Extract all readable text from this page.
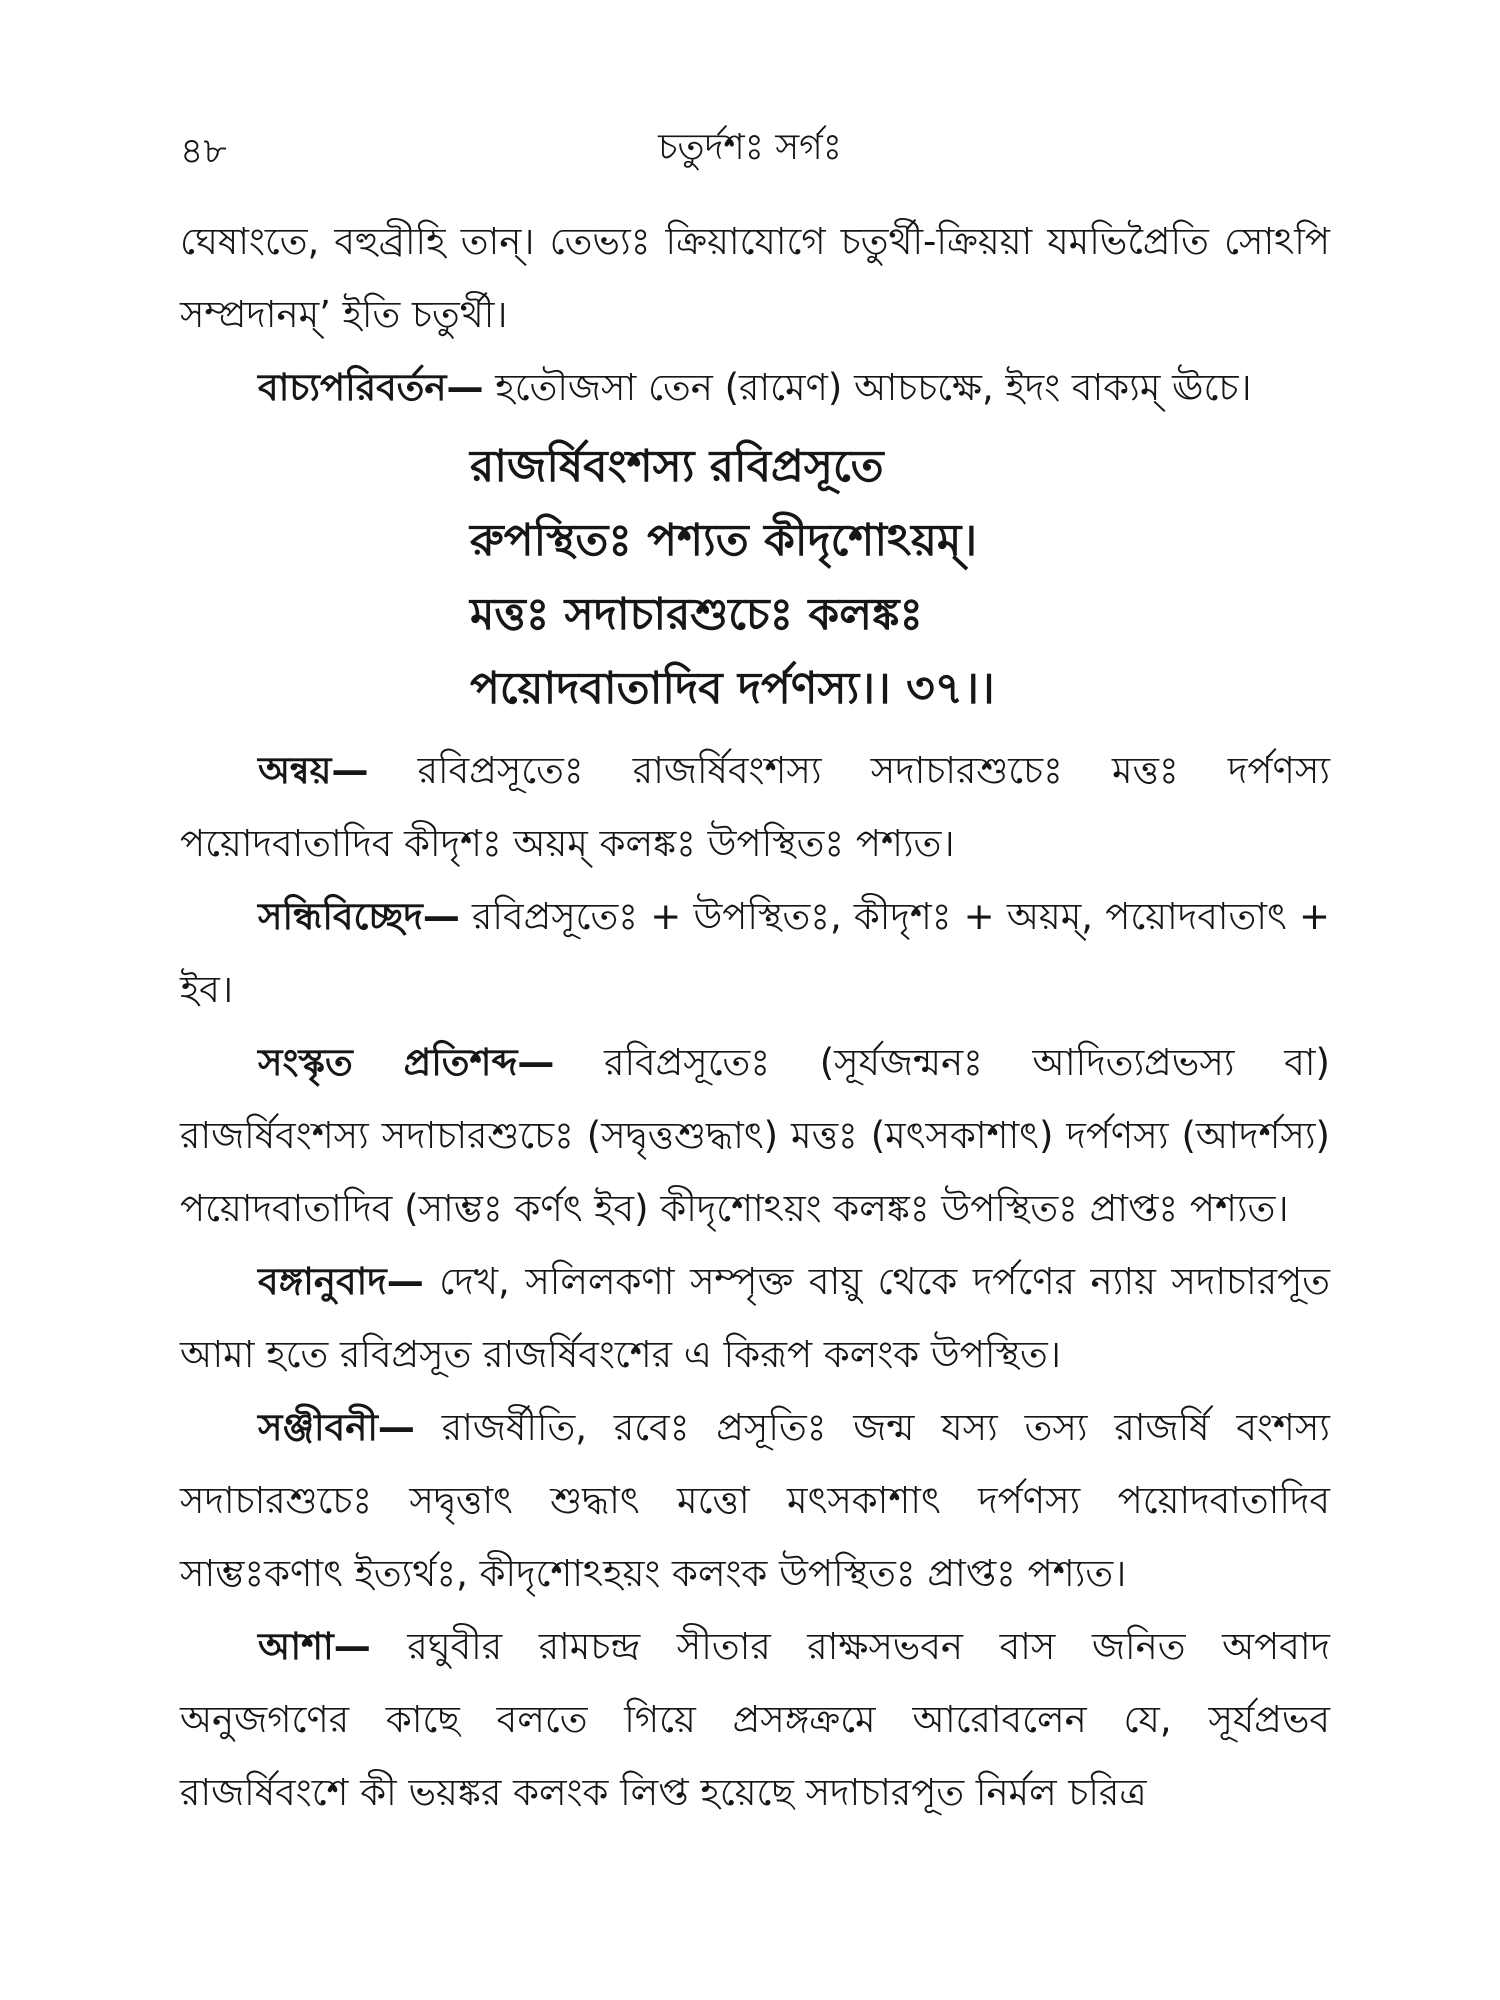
৪৮	চতুর্দশঃ সর্গঃ

ঘেষাংতে, বহুব্রীহি তান্। তেভ্যঃ ক্রিয়াযোগে চতুর্থী-ক্রিয়য়া যমভিপ্রৈতি সোঽপি সম্প্রদানম্’ ইতি চতুর্থী।

বাচ্যপরিবর্তন— হতৌজসা তেন (রামেণ) আচচক্ষে, ইদং বাক্যম্ ঊচে।

রাজর্ষিবংশস্য রবিপ্রসূতে
রুপস্থিতঃ পশ্যত কীদৃশোঽয়ম্।
মত্তঃ সদাচারশুচেঃ কলঙ্কঃ
পয়োদবাতাদিব দর্পণস্য।। ৩৭।।

অন্বয়— রবিপ্রসূতেঃ রাজর্ষিবংশস্য সদাচারশুচেঃ মত্তঃ দর্পণস্য পয়োদবাতাদিব কীদৃশঃ অয়ম্ কলঙ্কঃ উপস্থিতঃ পশ্যত।

সন্ধিবিচ্ছেদ— রবিপ্রসূতেঃ + উপস্থিতঃ, কীদৃশঃ + অয়ম্, পয়োদবাতাৎ + ইব।

সংস্কৃত প্রতিশব্দ— রবিপ্রসূতেঃ (সূর্যজন্মনঃ আদিত্যপ্রভস্য বা) রাজর্ষিবংশস্য সদাচারশুচেঃ (সদ্বৃত্তশুদ্ধাৎ) মত্তঃ (মৎসকাশাৎ) দর্পণস্য (আদর্শস্য) পয়োদবাতাদিব (সাম্ভঃ কর্ণৎ ইব) কীদৃশোঽয়ং কলঙ্কঃ উপস্থিতঃ প্রাপ্তঃ পশ্যত।

বঙ্গানুবাদ— দেখ, সলিলকণা সম্পৃক্ত বায়ু থেকে দর্পণের ন্যায় সদাচারপূত আমা হতে রবিপ্রসূত রাজর্ষিবংশের এ কিরূপ কলংক উপস্থিত।

সঞ্জীবনী— রাজর্ষীতি, রবেঃ প্রসূতিঃ জন্ম যস্য তস্য রাজর্ষি বংশস্য সদাচারশুচেঃ সদ্বৃত্তাৎ শুদ্ধাৎ মত্তো মৎসকাশাৎ দর্পণস্য পয়োদবাতাদিব সাম্ভঃকণাৎ ইত্যর্থঃ, কীদৃশোঽহয়ং কলংক উপস্থিতঃ প্রাপ্তঃ পশ্যত।

আশা— রঘুবীর রামচন্দ্র সীতার রাক্ষসভবন বাস জনিত অপবাদ অনুজগণের কাছে বলতে গিয়ে প্রসঙ্গক্রমে আরোবলেন যে, সূর্যপ্রভব রাজর্ষিবংশে কী ভয়ঙ্কর কলংক লিপ্ত হয়েছে সদাচারপূত নির্মল চরিত্র
